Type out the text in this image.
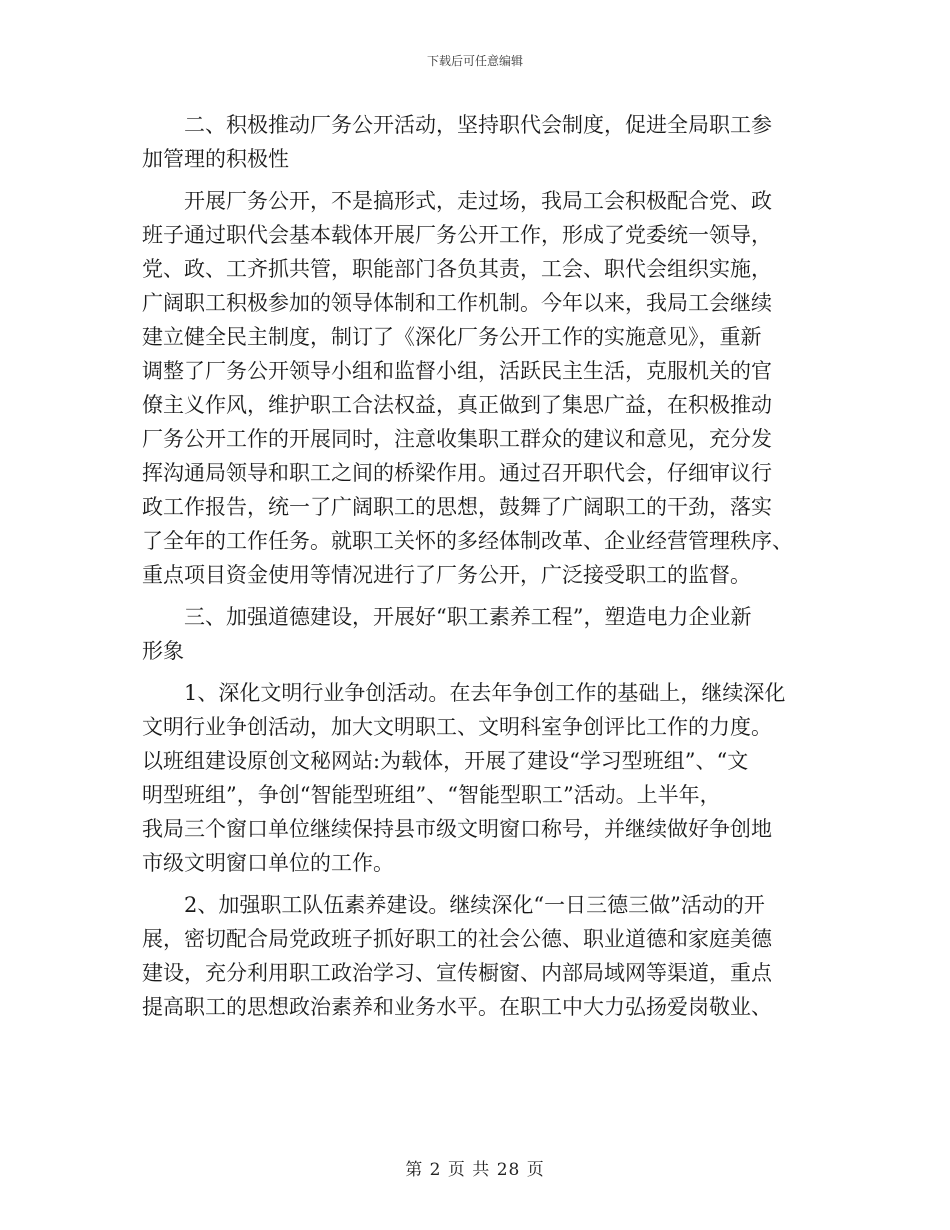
下载后可任意编辑
二、积极推动厂务公开活动，坚持职代会制度，促进全局职工参
加管理的积极性
开展厂务公开，不是搞形式，走过场，我局工会积极配合党、政
班子通过职代会基本载体开展厂务公开工作，形成了党委统一领导，
党、政、工齐抓共管，职能部门各负其责，工会、职代会组织实施，
广阔职工积极参加的领导体制和工作机制。今年以来，我局工会继续
建立健全民主制度，制订了《深化厂务公开工作的实施意见》，重新
调整了厂务公开领导小组和监督小组，活跃民主生活，克服机关的官
僚主义作风，维护职工合法权益，真正做到了集思广益，在积极推动
厂务公开工作的开展同时，注意收集职工群众的建议和意见，充分发
挥沟通局领导和职工之间的桥梁作用。通过召开职代会，仔细审议行
政工作报告，统一了广阔职工的思想，鼓舞了广阔职工的干劲，落实
了全年的工作任务。就职工关怀的多经体制改革、企业经营管理秩序、
重点项目资金使用等情况进行了厂务公开，广泛接受职工的监督。
三、加强道德建设，开展好“职工素养工程”，塑造电力企业新
形象
1、深化文明行业争创活动。在去年争创工作的基础上，继续深化
文明行业争创活动，加大文明职工、文明科室争创评比工作的力度。
以班组建设原创文秘网站:为载体，开展了建设“学习型班组”、“文
明型班组”，争创“智能型班组”、“智能型职工”活动。上半年，
我局三个窗口单位继续保持县市级文明窗口称号，并继续做好争创地
市级文明窗口单位的工作。
2、加强职工队伍素养建设。继续深化“一日三德三做”活动的开
展，密切配合局党政班子抓好职工的社会公德、职业道德和家庭美德
建设，充分利用职工政治学习、宣传橱窗、内部局域网等渠道，重点
提高职工的思想政治素养和业务水平。在职工中大力弘扬爱岗敬业、
第 2 页 共 28 页
